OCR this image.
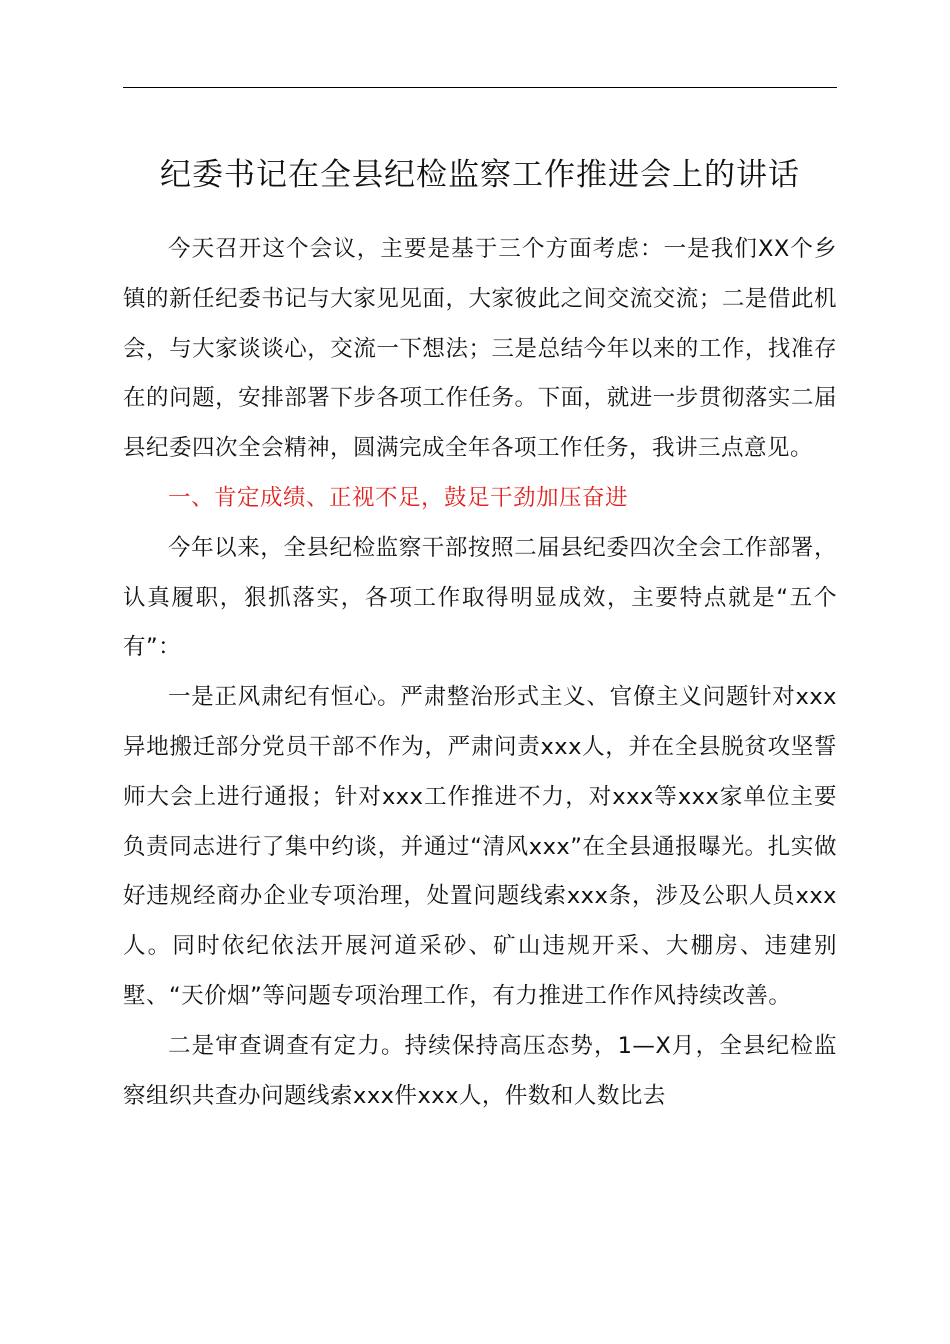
纪委书记在全县纪检监察工作推进会上的讲话

今天召开这个会议，主要是基于三个方面考虑：一是我们XX个乡镇的新任纪委书记与大家见见面，大家彼此之间交流交流；二是借此机会，与大家谈谈心，交流一下想法；三是总结今年以来的工作，找准存在的问题，安排部署下步各项工作任务。下面，就进一步贯彻落实二届县纪委四次全会精神，圆满完成全年各项工作任务，我讲三点意见。

一、肯定成绩、正视不足，鼓足干劲加压奋进

今年以来，全县纪检监察干部按照二届县纪委四次全会工作部署，认真履职，狠抓落实，各项工作取得明显成效，主要特点就是“五个有”：

一是正风肃纪有恒心。严肃整治形式主义、官僚主义问题针对xxx异地搬迁部分党员干部不作为，严肃问责xxx人，并在全县脱贫攻坚誓师大会上进行通报；针对xxx工作推进不力，对xxx等xxx家单位主要负责同志进行了集中约谈，并通过“清风xxx”在全县通报曝光。扎实做好违规经商办企业专项治理，处置问题线索xxx条，涉及公职人员xxx人。同时依纪依法开展河道采砂、矿山违规开采、大棚房、违建别墅、“天价烟”等问题专项治理工作，有力推进工作作风持续改善。

二是审查调查有定力。持续保持高压态势，1—X月，全县纪检监察组织共查办问题线索xxx件xxx人，件数和人数比去
